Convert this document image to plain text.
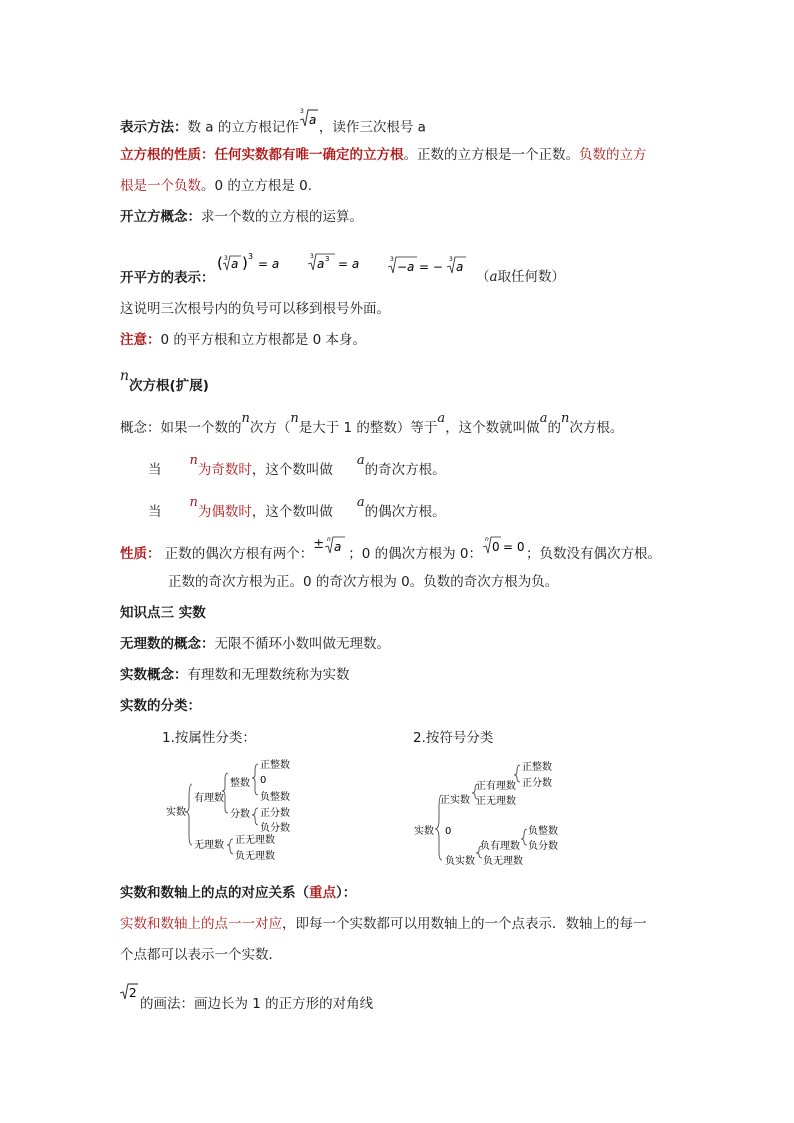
表示方法：数 a 的立方根记作
3
a ，读作三次根号 a
立方根的性质：任何实数都有唯一确定的立方根。正数的立方根是一个正数。负数的立方
根是一个负数。0 的立方根是 0.
开立方概念：求一个数的立方根的运算。
开平方的表示：
( 3 a ) 3
= a
3
a 3 = a	3
−a = −
3
a
（a取任何数）
这说明三次根号内的负号可以移到根号外面。
注意：0 的平方根和立方根都是 0 本身。
n次方根(扩展)
概念：如果一个数的n次方（n是大于 1 的整数）等于a，这个数就叫做a的n次方根。
当n为奇数时，这个数叫做a的奇次方根。
当n为偶数时，这个数叫做a的偶次方根。
性质： 正数的偶次方根有两个：± n
a ；0 的偶次方根为 0：
n
0 = 0 ；负数没有偶次方根。
正数的奇次方根为正。0 的奇次方根为 0。负数的奇次方根为负。
知识点三 实数
无理数的概念：无限不循环小数叫做无理数。
实数概念：有理数和无理数统称为实数
实数的分类：
1.按属性分类：	2.按符号分类
实数
有理数
整数
正整数
0
负整数
分数 正分数
负分数
无理数 正无理数
负无理数
正实数
正有理数
正整数
正分数
正无理数
实数 0
负有理数
负整数
负分数
负实数 负无理数
实数和数轴上的点的对应关系（重点）：
实数和数轴上的点一一对应，即每一个实数都可以用数轴上的一个点表示．数轴上的每一
个点都可以表示一个实数．
2
的画法：画边长为 1 的正方形的对角线
